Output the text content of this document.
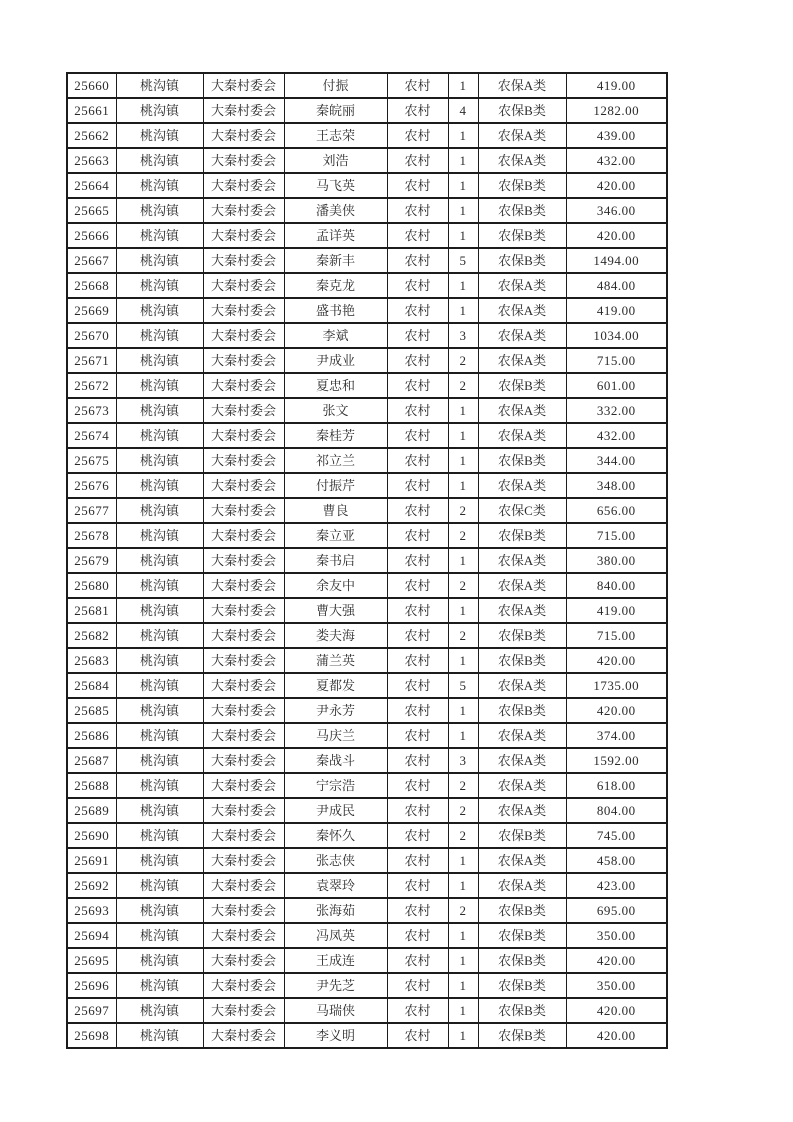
25660	桃沟镇	大秦村委会	付振	农村	1	农保A类	419.00
25661	桃沟镇	大秦村委会	秦皖丽	农村	4	农保B类	1282.00
25662	桃沟镇	大秦村委会	王志荣	农村	1	农保A类	439.00
25663	桃沟镇	大秦村委会	刘浩	农村	1	农保A类	432.00
25664	桃沟镇	大秦村委会	马飞英	农村	1	农保B类	420.00
25665	桃沟镇	大秦村委会	潘美侠	农村	1	农保B类	346.00
25666	桃沟镇	大秦村委会	孟详英	农村	1	农保B类	420.00
25667	桃沟镇	大秦村委会	秦新丰	农村	5	农保B类	1494.00
25668	桃沟镇	大秦村委会	秦克龙	农村	1	农保A类	484.00
25669	桃沟镇	大秦村委会	盛书艳	农村	1	农保A类	419.00
25670	桃沟镇	大秦村委会	李斌	农村	3	农保A类	1034.00
25671	桃沟镇	大秦村委会	尹成业	农村	2	农保A类	715.00
25672	桃沟镇	大秦村委会	夏忠和	农村	2	农保B类	601.00
25673	桃沟镇	大秦村委会	张文	农村	1	农保A类	332.00
25674	桃沟镇	大秦村委会	秦桂芳	农村	1	农保A类	432.00
25675	桃沟镇	大秦村委会	祁立兰	农村	1	农保B类	344.00
25676	桃沟镇	大秦村委会	付振芹	农村	1	农保A类	348.00
25677	桃沟镇	大秦村委会	曹良	农村	2	农保C类	656.00
25678	桃沟镇	大秦村委会	秦立亚	农村	2	农保B类	715.00
25679	桃沟镇	大秦村委会	秦书启	农村	1	农保A类	380.00
25680	桃沟镇	大秦村委会	余友中	农村	2	农保A类	840.00
25681	桃沟镇	大秦村委会	曹大强	农村	1	农保A类	419.00
25682	桃沟镇	大秦村委会	娄夫海	农村	2	农保B类	715.00
25683	桃沟镇	大秦村委会	蒲兰英	农村	1	农保B类	420.00
25684	桃沟镇	大秦村委会	夏都发	农村	5	农保A类	1735.00
25685	桃沟镇	大秦村委会	尹永芳	农村	1	农保B类	420.00
25686	桃沟镇	大秦村委会	马庆兰	农村	1	农保A类	374.00
25687	桃沟镇	大秦村委会	秦战斗	农村	3	农保A类	1592.00
25688	桃沟镇	大秦村委会	宁宗浩	农村	2	农保A类	618.00
25689	桃沟镇	大秦村委会	尹成民	农村	2	农保A类	804.00
25690	桃沟镇	大秦村委会	秦怀久	农村	2	农保B类	745.00
25691	桃沟镇	大秦村委会	张志侠	农村	1	农保A类	458.00
25692	桃沟镇	大秦村委会	袁翠玲	农村	1	农保A类	423.00
25693	桃沟镇	大秦村委会	张海茹	农村	2	农保B类	695.00
25694	桃沟镇	大秦村委会	冯凤英	农村	1	农保B类	350.00
25695	桃沟镇	大秦村委会	王成连	农村	1	农保B类	420.00
25696	桃沟镇	大秦村委会	尹先芝	农村	1	农保B类	350.00
25697	桃沟镇	大秦村委会	马瑞侠	农村	1	农保B类	420.00
25698	桃沟镇	大秦村委会	李义明	农村	1	农保B类	420.00
